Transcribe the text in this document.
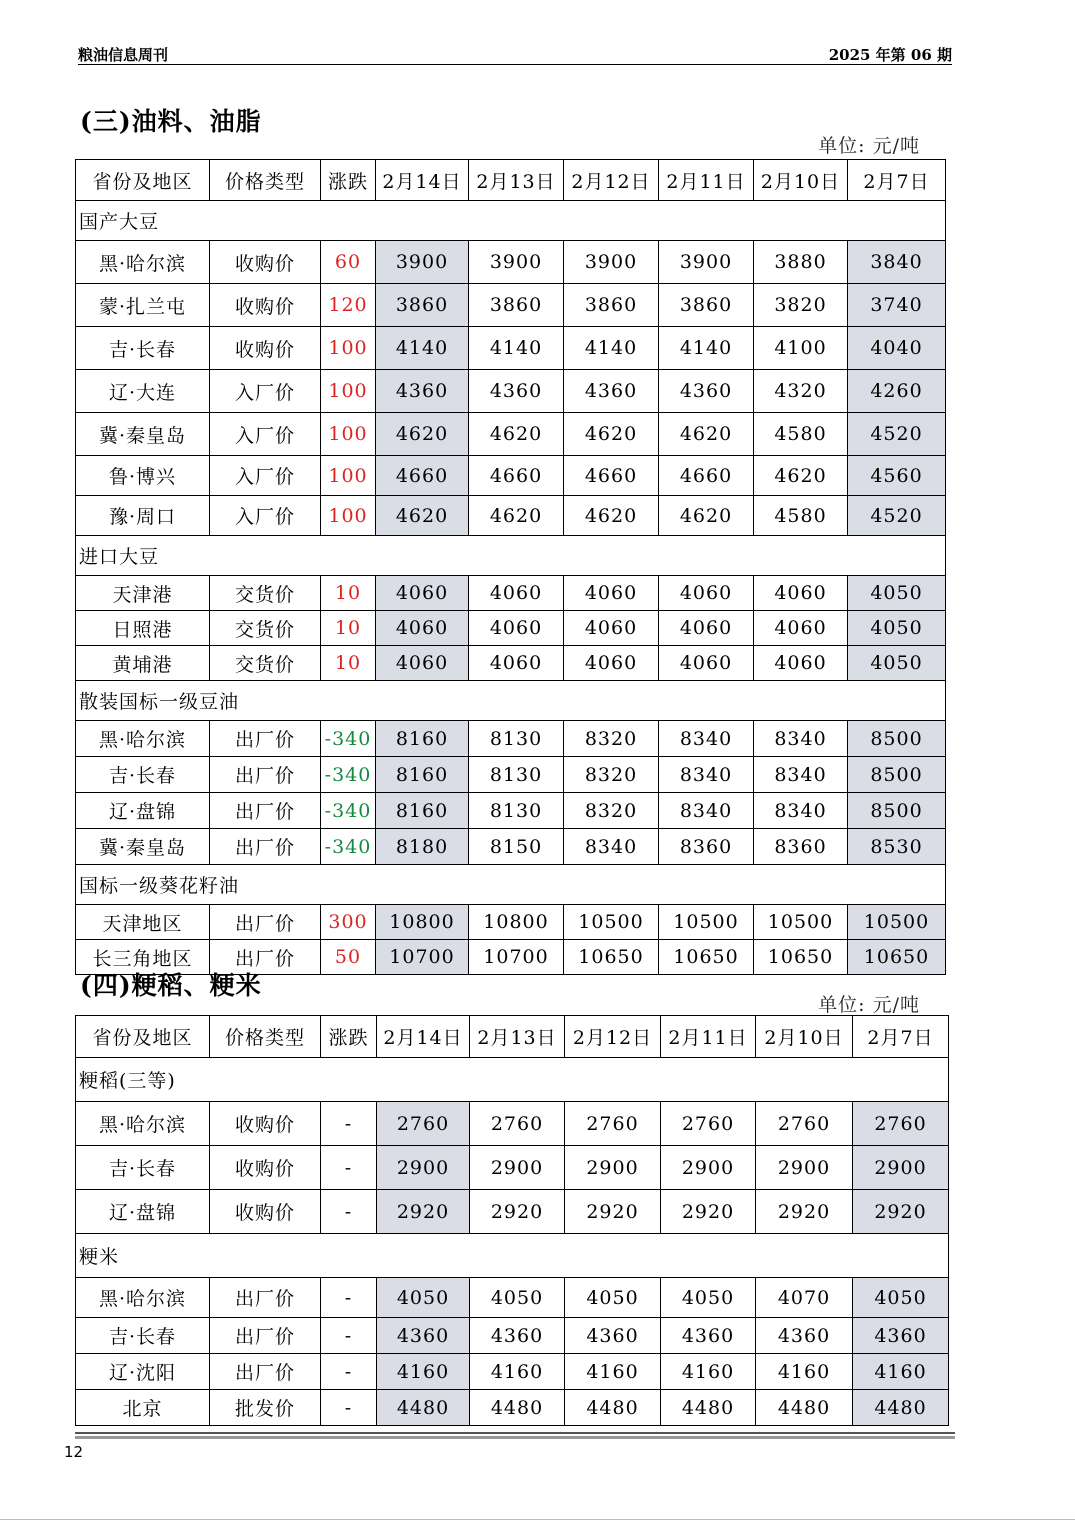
粮油信息周刊	2025 年第 06 期
(三)油料、油脂
单位: 元/吨
省份及地区	价格类型	涨跌	2月14日	2月13日	2月12日	2月11日	2月10日	2月7日
国产大豆								
黑·哈尔滨	收购价	60	3900	3900	3900	3900	3880	3840
蒙·扎兰屯	收购价	120	3860	3860	3860	3860	3820	3740
吉·长春	收购价	100	4140	4140	4140	4140	4100	4040
辽·大连	入厂价	100	4360	4360	4360	4360	4320	4260
冀·秦皇岛	入厂价	100	4620	4620	4620	4620	4580	4520
鲁·博兴	入厂价	100	4660	4660	4660	4660	4620	4560
豫·周口	入厂价	100	4620	4620	4620	4620	4580	4520
进口大豆								
天津港	交货价	10	4060	4060	4060	4060	4060	4050
日照港	交货价	10	4060	4060	4060	4060	4060	4050
黄埔港	交货价	10	4060	4060	4060	4060	4060	4050
散装国标一级豆油								
黑·哈尔滨	出厂价	-340	8160	8130	8320	8340	8340	8500
吉·长春	出厂价	-340	8160	8130	8320	8340	8340	8500
辽·盘锦	出厂价	-340	8160	8130	8320	8340	8340	8500
冀·秦皇岛	出厂价	-340	8180	8150	8340	8360	8360	8530
国标一级葵花籽油								
天津地区	出厂价	300	10800	10800	10500	10500	10500	10500
长三角地区	出厂价	50	10700	10700	10650	10650	10650	10650
(四)粳稻、粳米
单位: 元/吨
省份及地区	价格类型	涨跌	2月14日	2月13日	2月12日	2月11日	2月10日	2月7日
粳稻(三等)								
黑·哈尔滨	收购价	-	2760	2760	2760	2760	2760	2760
吉·长春	收购价	-	2900	2900	2900	2900	2900	2900
辽·盘锦	收购价	-	2920	2920	2920	2920	2920	2920
粳米								
黑·哈尔滨	出厂价	-	4050	4050	4050	4050	4070	4050
吉·长春	出厂价	-	4360	4360	4360	4360	4360	4360
辽·沈阳	出厂价	-	4160	4160	4160	4160	4160	4160
北京	批发价	-	4480	4480	4480	4480	4480	4480
12
